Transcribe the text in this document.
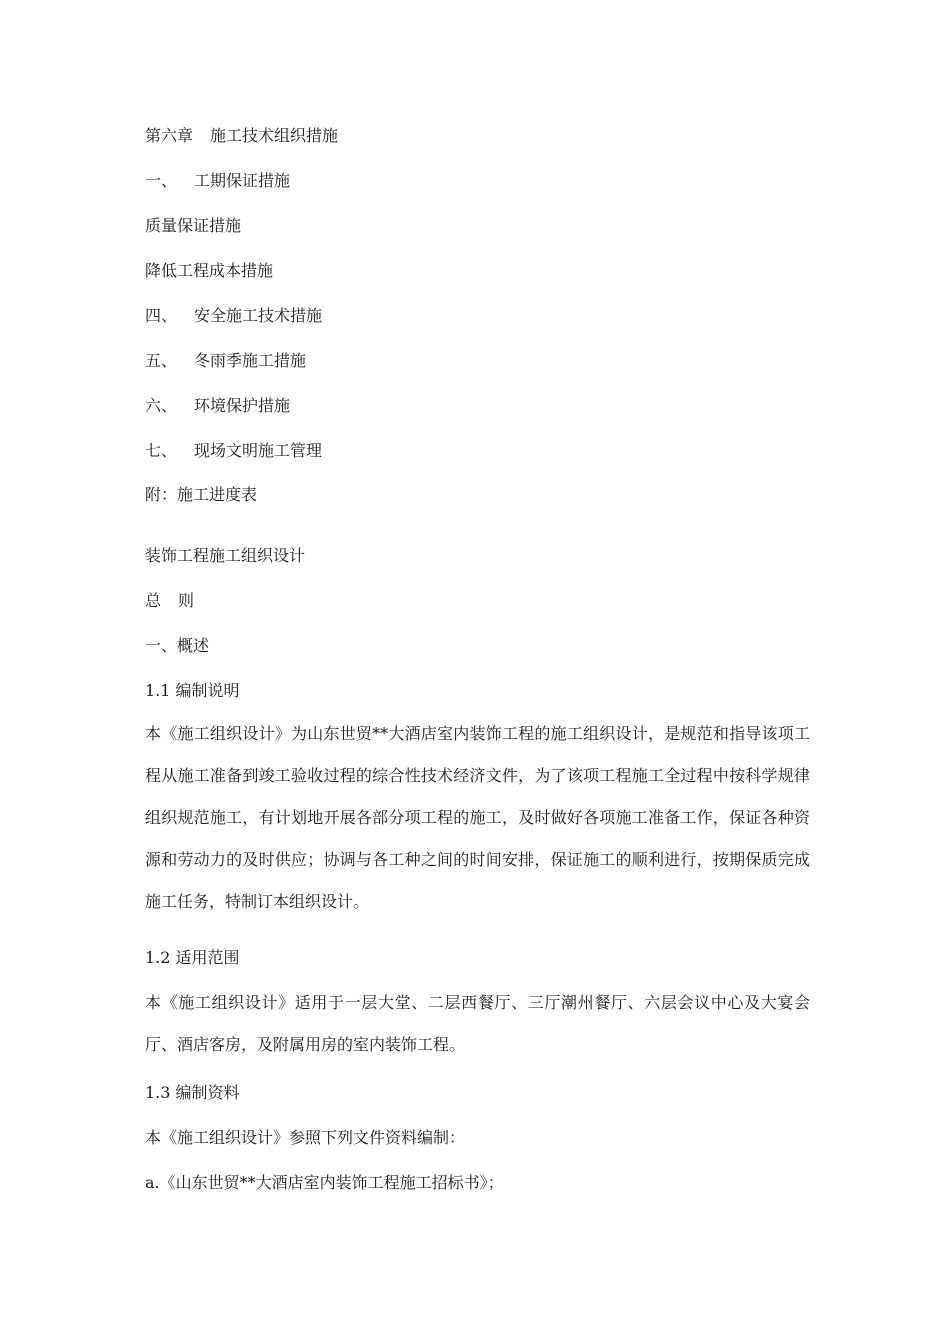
第六章 施工技术组织措施
一、 工期保证措施
质量保证措施
降低工程成本措施
四、 安全施工技术措施
五、 冬雨季施工措施
六、 环境保护措施
七、 现场文明施工管理
附：施工进度表
装饰工程施工组织设计
总 则
一、概述
1.1 编制说明
本《施工组织设计》为山东世贸**大酒店室内装饰工程的施工组织设计，是规范和指导该项工程从施工准备到竣工验收过程的综合性技术经济文件，为了该项工程施工全过程中按科学规律组织规范施工，有计划地开展各部分项工程的施工，及时做好各项施工准备工作，保证各种资源和劳动力的及时供应；协调与各工种之间的时间安排，保证施工的顺利进行，按期保质完成施工任务，特制订本组织设计。
1.2 适用范围
本《施工组织设计》适用于一层大堂、二层西餐厅、三厅潮州餐厅、六层会议中心及大宴会厅、酒店客房，及附属用房的室内装饰工程。
1.3 编制资料
本《施工组织设计》参照下列文件资料编制：
a.《山东世贸**大酒店室内装饰工程施工招标书》；
